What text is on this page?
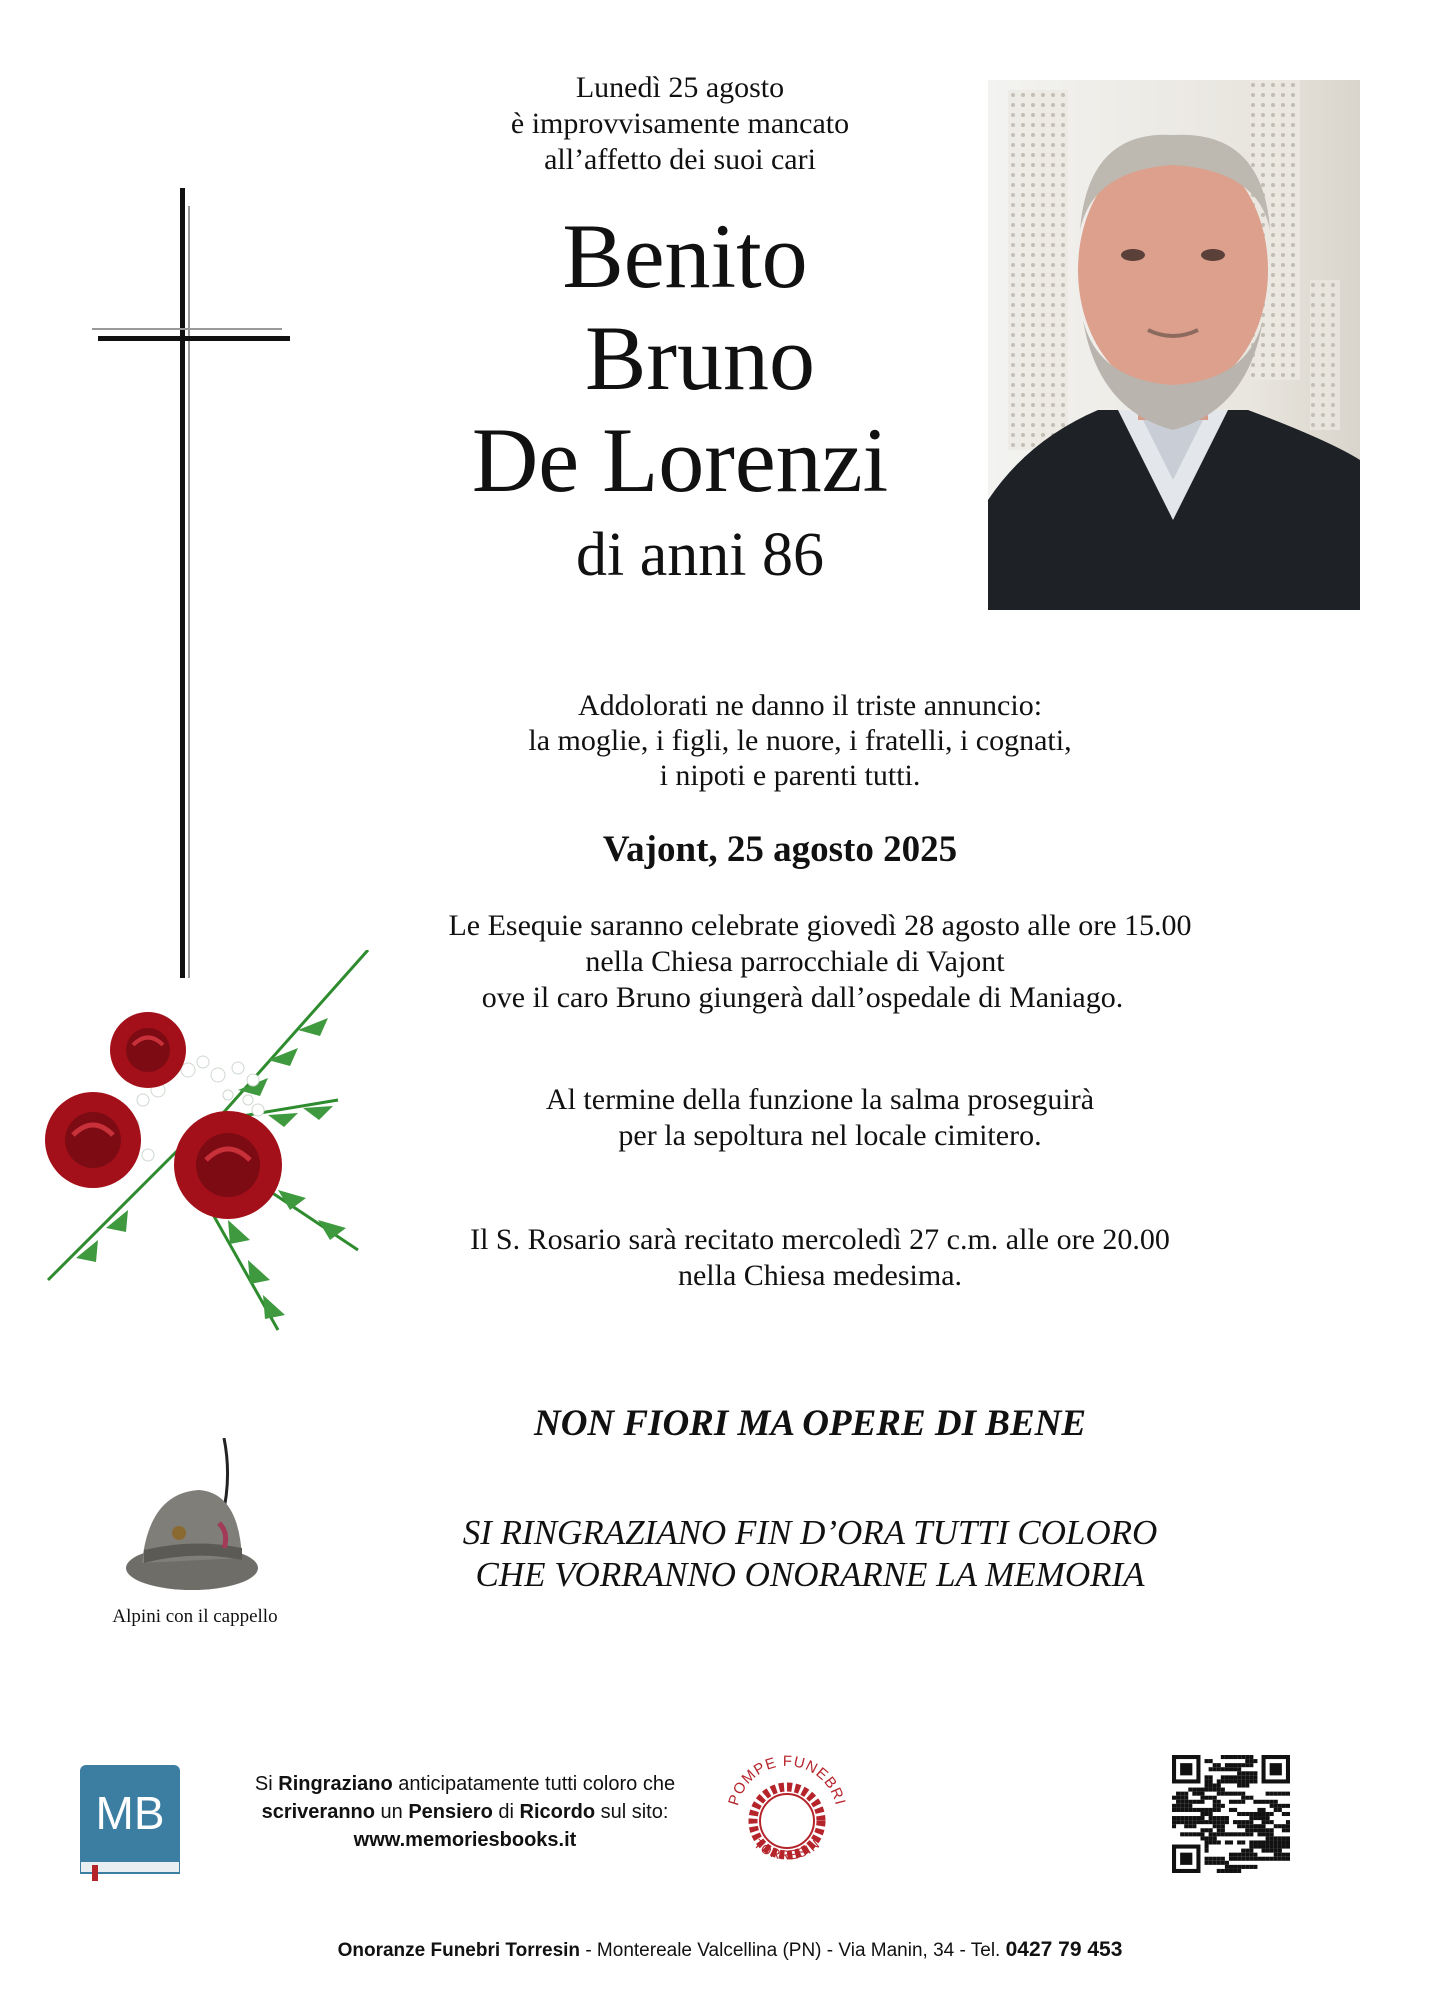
Lunedì 25 agosto
è improvvisamente mancato
all’affetto dei suoi cari
Benito
Bruno
De Lorenzi
di anni 86
Addolorati ne danno il triste annuncio:
la moglie, i figli, le nuore, i fratelli, i cognati,
i nipoti e parenti tutti.
Vajont, 25 agosto 2025
Le Esequie saranno celebrate giovedì 28 agosto alle ore 15.00
nella Chiesa parrocchiale di Vajont
ove il caro Bruno giungerà dall’ospedale di Maniago.
Al termine della funzione la salma proseguirà
per la sepoltura nel locale cimitero.
Il S. Rosario sarà recitato mercoledì 27 c.m. alle ore 20.00
nella Chiesa medesima.
NON FIORI MA OPERE DI BENE
SI RINGRAZIANO FIN D’ORA TUTTI COLORO
CHE VORRANNO ONORARNE LA MEMORIA
Alpini con il cappello
MB
Si Ringraziano anticipatamente tutti coloro che
scriveranno un Pensiero di Ricordo sul sito:
www.memoriesbooks.it
POMPE FUNEBRI
TORRESIN
Onoranze Funebri Torresin - Montereale Valcellina (PN) - Via Manin, 34 - Tel. 0427 79 453
